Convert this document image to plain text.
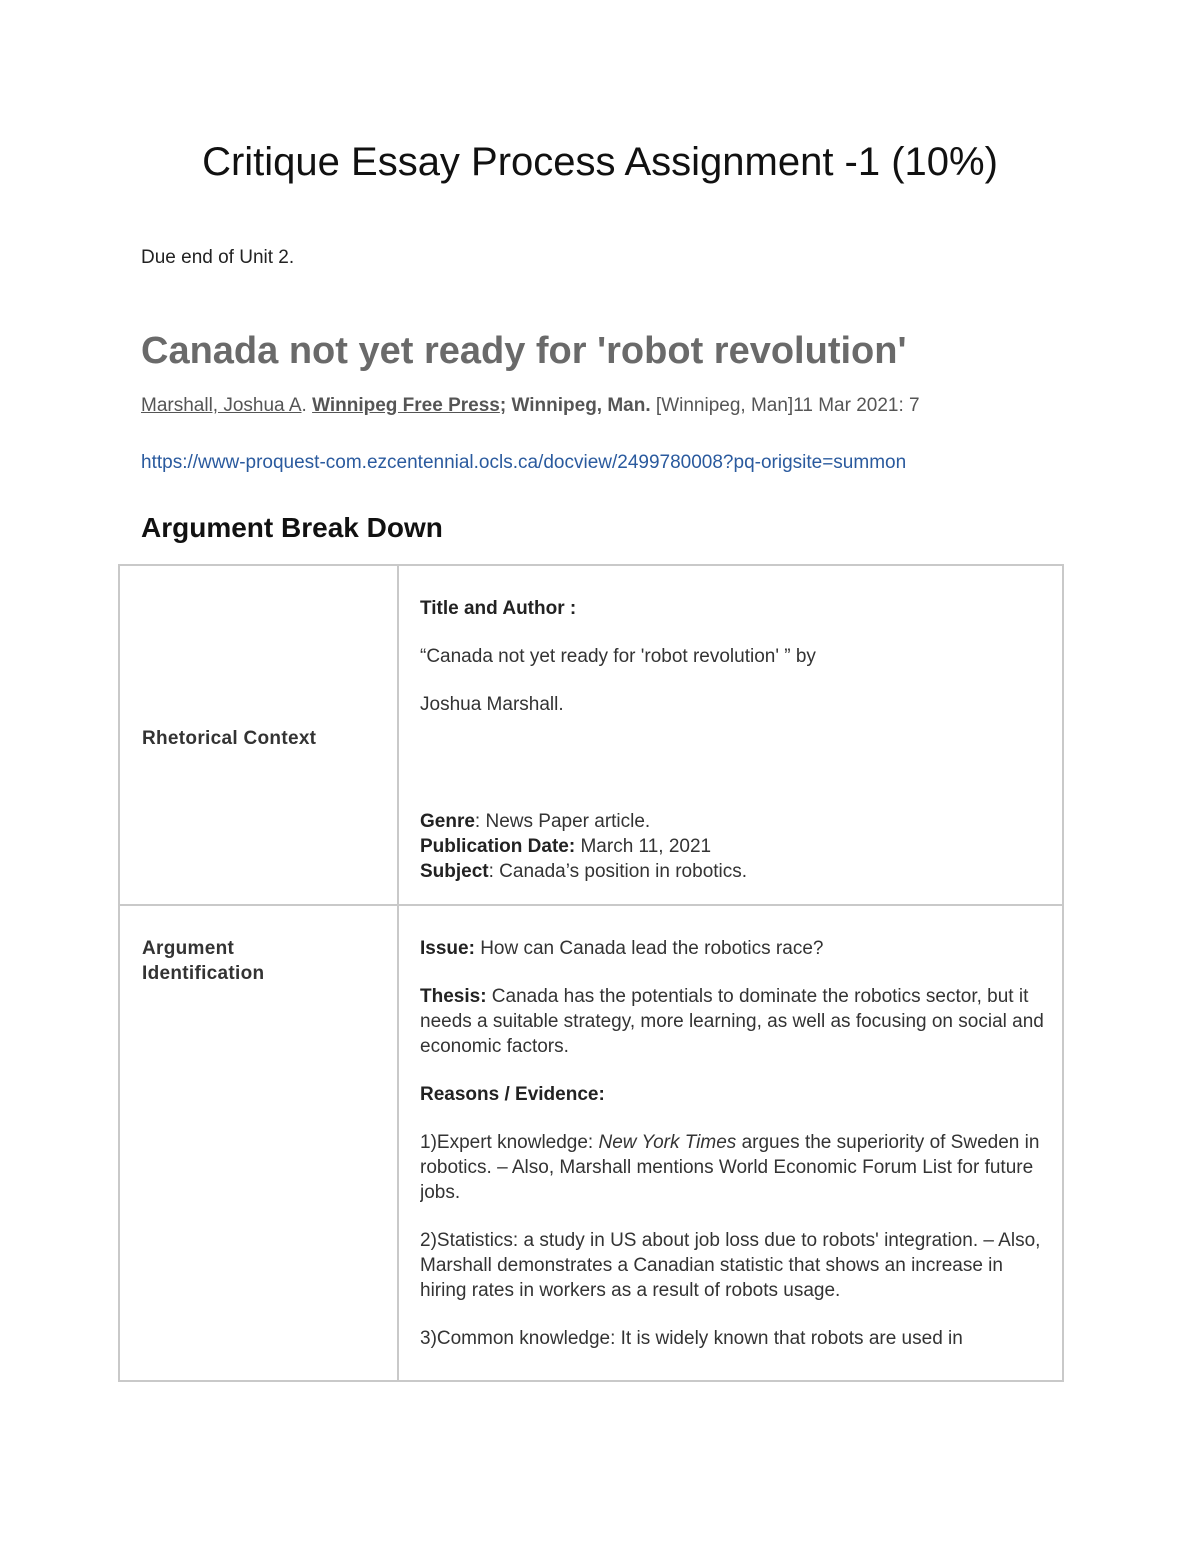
Critique Essay Process Assignment -1 (10%)
Due end of Unit 2.
Canada not yet ready for 'robot revolution'
Marshall, Joshua A. Winnipeg Free Press; Winnipeg, Man. [Winnipeg, Man]11 Mar 2021: 7
https://www-proquest-com.ezcentennial.ocls.ca/docview/2499780008?pq-origsite=summon
Argument Break Down
Rhetorical Context

Title and Author :

“Canada not yet ready for 'robot revolution' ” by

Joshua Marshall.

Genre: News Paper article.

Publication Date: March 11, 2021

Subject: Canada’s position in robotics.

Argument Identification

Issue: How can Canada lead the robotics race?

Thesis: Canada has the potentials to dominate the robotics sector, but it needs a suitable strategy, more learning, as well as focusing on social and economic factors.

Reasons / Evidence:

1)Expert knowledge: New York Times argues the superiority of Sweden in robotics. – Also, Marshall mentions World Economic Forum List for future jobs.

2)Statistics: a study in US about job loss due to robots' integration. – Also, Marshall demonstrates a Canadian statistic that shows an increase in hiring rates in workers as a result of robots usage.

3)Common knowledge: It is widely known that robots are used in
